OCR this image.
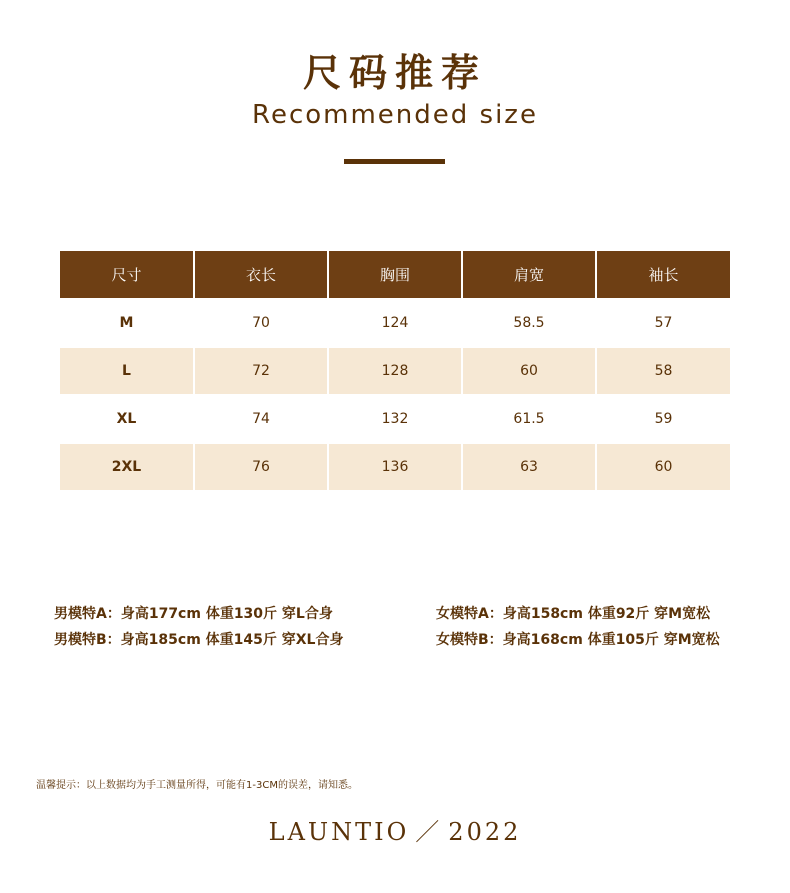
尺码推荐
Recommended size
尺寸	衣长	胸围	肩宽	袖长
M	70	124	58.5	57
L	72	128	60	58
XL	74	132	61.5	59
2XL	76	136	63	60
男模特A：身高177cm 体重130斤 穿L合身
男模特B：身高185cm 体重145斤 穿XL合身
女模特A：身高158cm 体重92斤 穿M宽松
女模特B：身高168cm 体重105斤 穿M宽松
温馨提示：以上数据均为手工测量所得，可能有1-3CM的误差，请知悉。
LAUNTIO ／ 2022
